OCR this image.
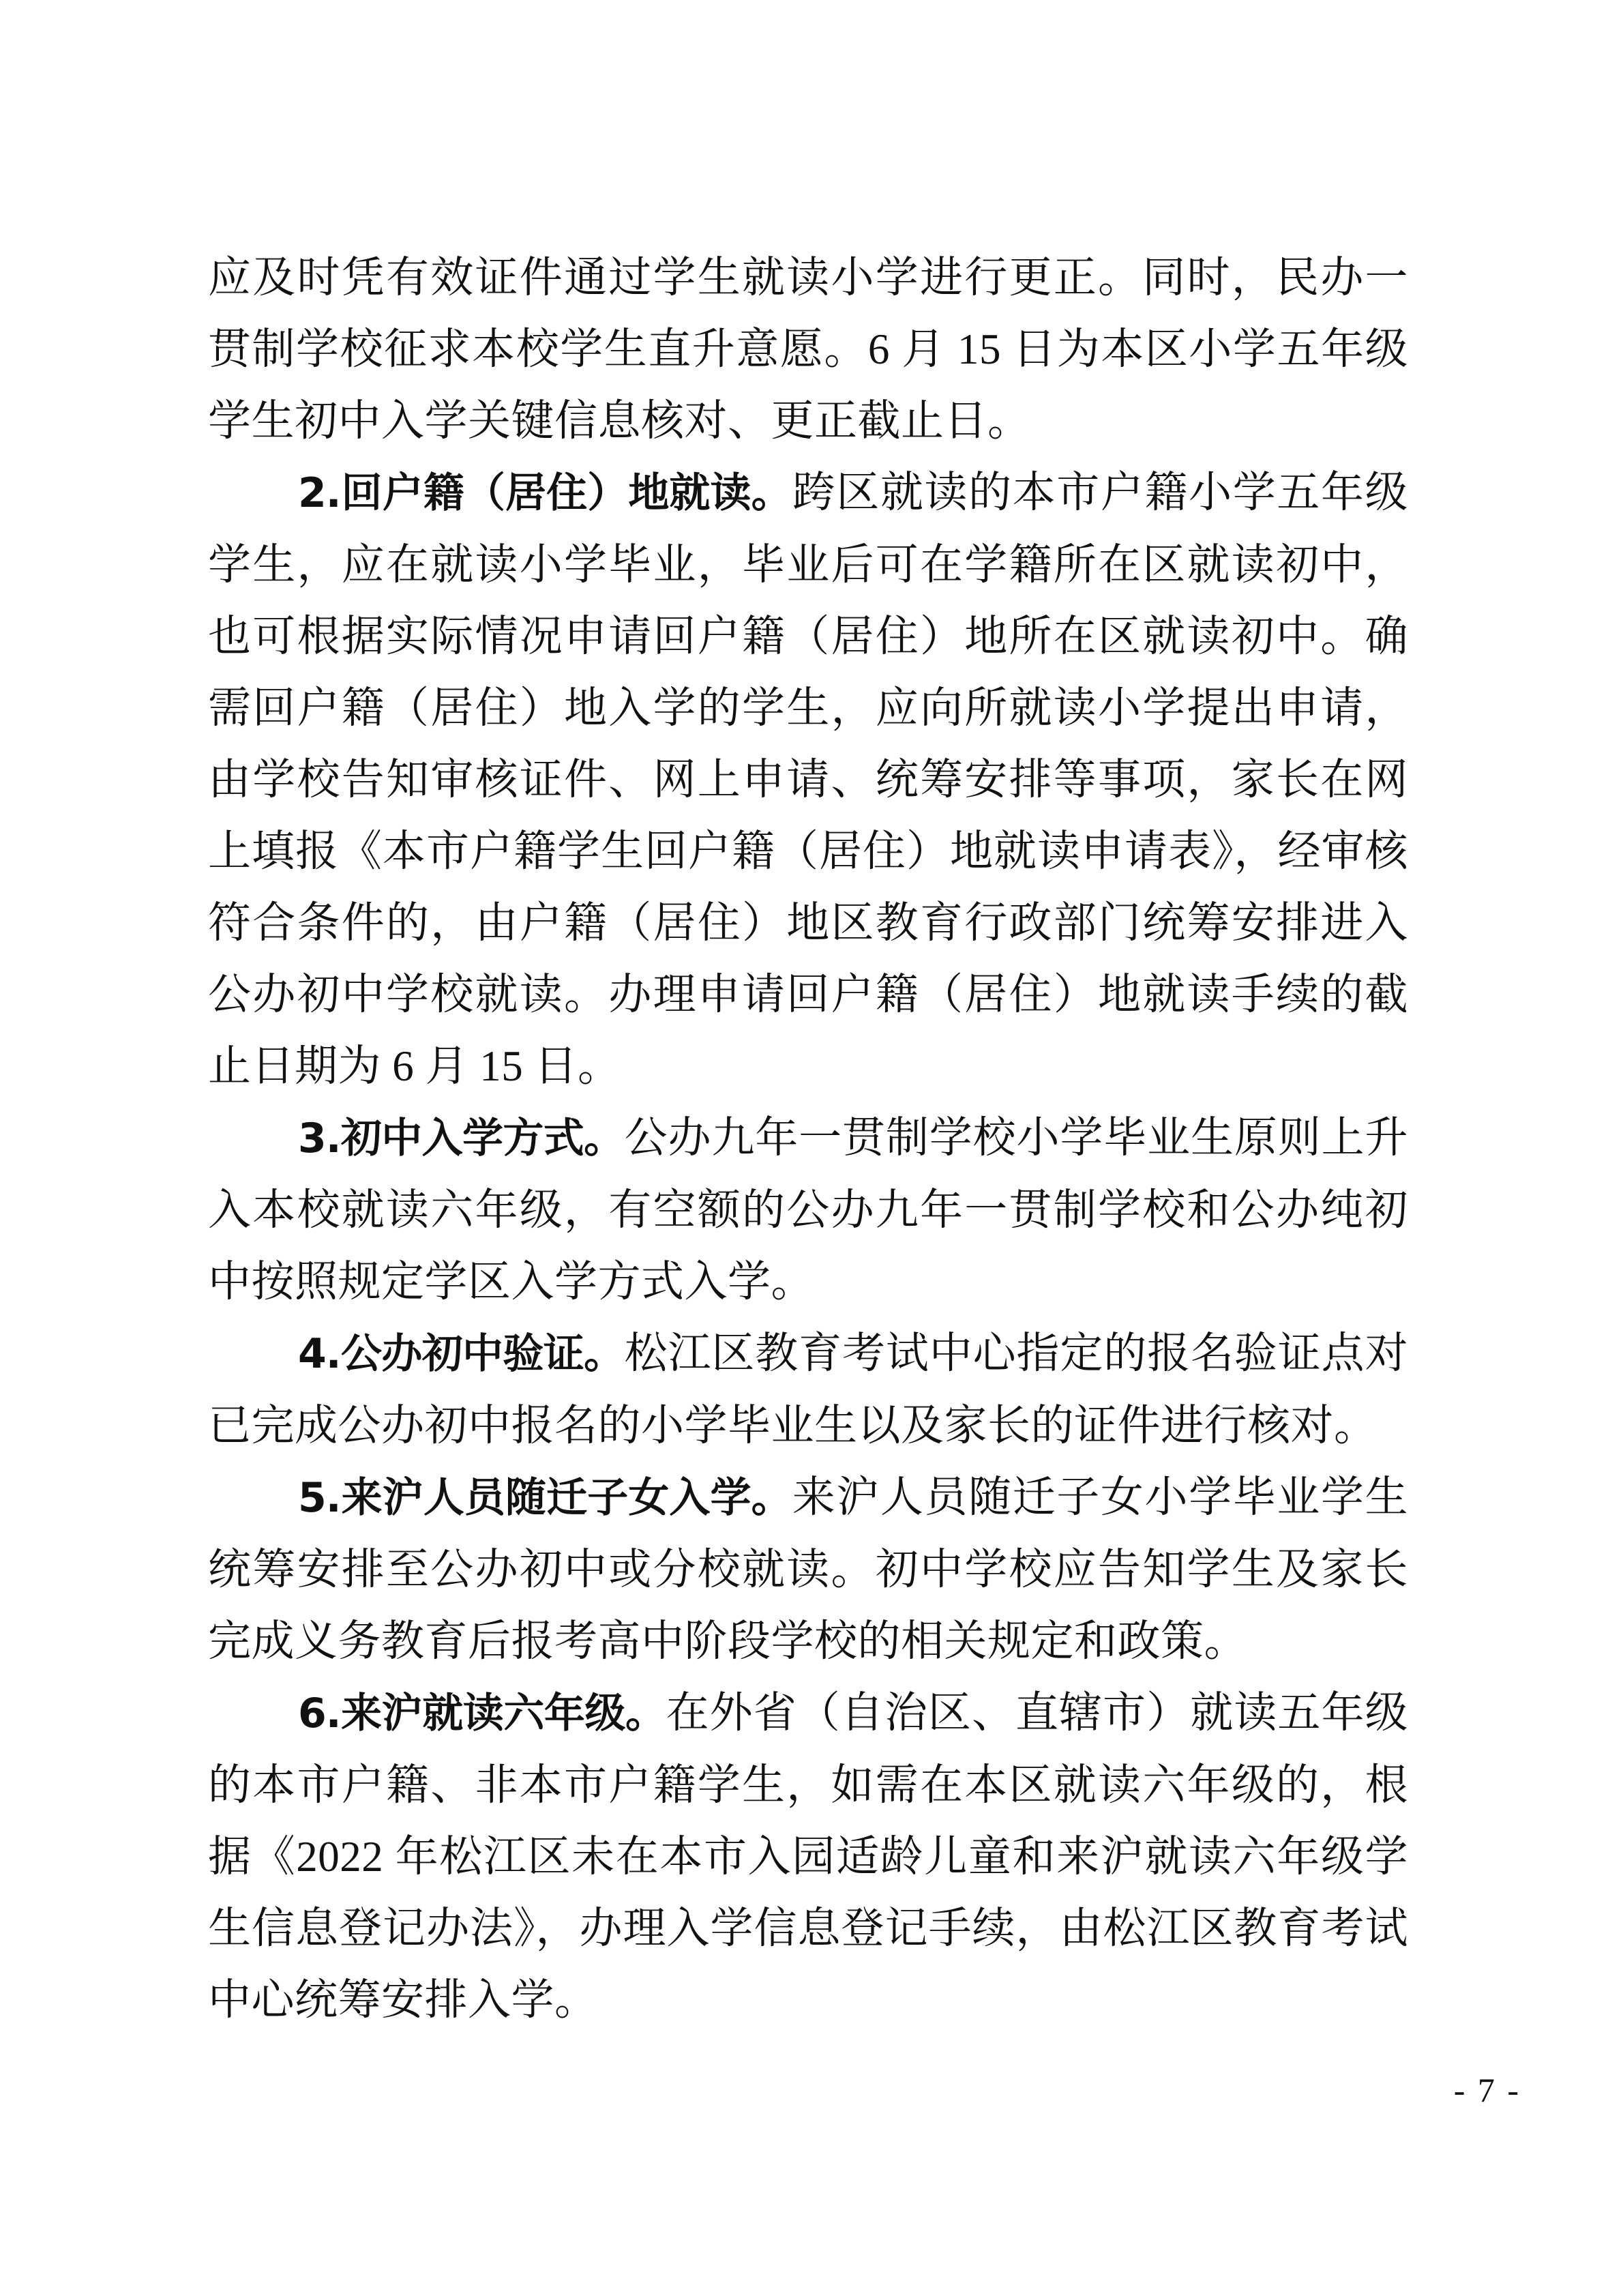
应及时凭有效证件通过学生就读小学进行更正。同时，民办一贯制学校征求本校学生直升意愿。6 月 15 日为本区小学五年级学生初中入学关键信息核对、更正截止日。

2.回户籍（居住）地就读。跨区就读的本市户籍小学五年级学生，应在就读小学毕业，毕业后可在学籍所在区就读初中，也可根据实际情况申请回户籍（居住）地所在区就读初中。确需回户籍（居住）地入学的学生，应向所就读小学提出申请，由学校告知审核证件、网上申请、统筹安排等事项，家长在网上填报《本市户籍学生回户籍（居住）地就读申请表》，经审核符合条件的，由户籍（居住）地区教育行政部门统筹安排进入公办初中学校就读。办理申请回户籍（居住）地就读手续的截止日期为 6 月 15 日。

3.初中入学方式。公办九年一贯制学校小学毕业生原则上升入本校就读六年级，有空额的公办九年一贯制学校和公办纯初中按照规定学区入学方式入学。

4.公办初中验证。松江区教育考试中心指定的报名验证点对已完成公办初中报名的小学毕业生以及家长的证件进行核对。

5.来沪人员随迁子女入学。来沪人员随迁子女小学毕业学生统筹安排至公办初中或分校就读。初中学校应告知学生及家长完成义务教育后报考高中阶段学校的相关规定和政策。

6.来沪就读六年级。在外省（自治区、直辖市）就读五年级的本市户籍、非本市户籍学生，如需在本区就读六年级的，根据《2022 年松江区未在本市入园适龄儿童和来沪就读六年级学生信息登记办法》，办理入学信息登记手续，由松江区教育考试中心统筹安排入学。

- 7 -
